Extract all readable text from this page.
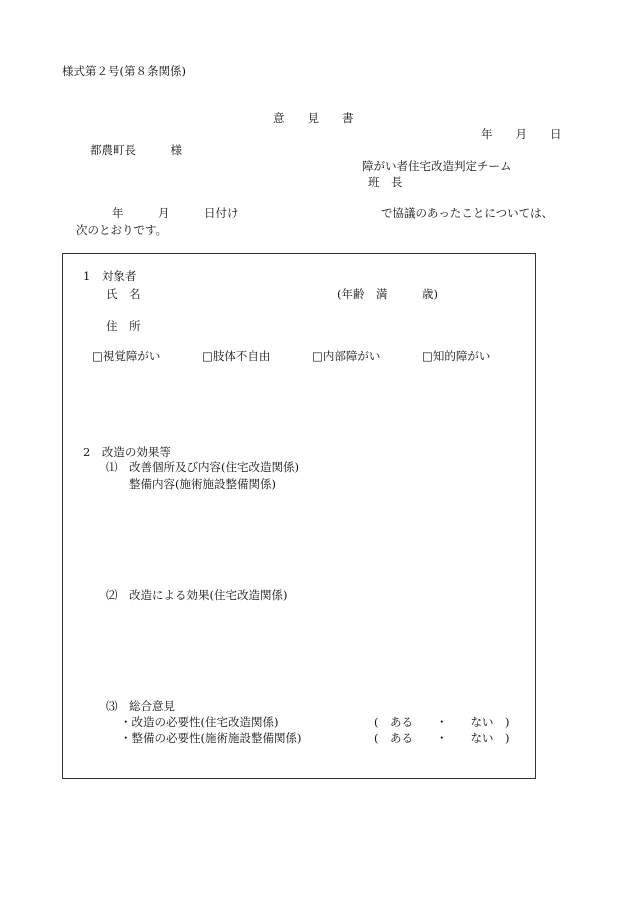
様式第２号(第８条関係)
意　　見　　書
年　　月　　日
都農町長　　　様
障がい者住宅改造判定チーム
班　長
年　　　月　　　日付け	で協議のあったことについては、
次のとおりです。
1　対象者
氏　名	(年齢　満　　　歳)
住　所
□視覚障がい	□肢体不自由	□内部障がい	□知的障がい
2　改造の効果等
⑴ 改善個所及び内容(住宅改造関係)
整備内容(施術施設整備関係)
⑵ 改造による効果(住宅改造関係)
⑶ 総合意見
・改造の必要性(住宅改造関係)	(　ある　　・　　ない　)
・整備の必要性(施術施設整備関係)	(　ある　　・　　ない　)
